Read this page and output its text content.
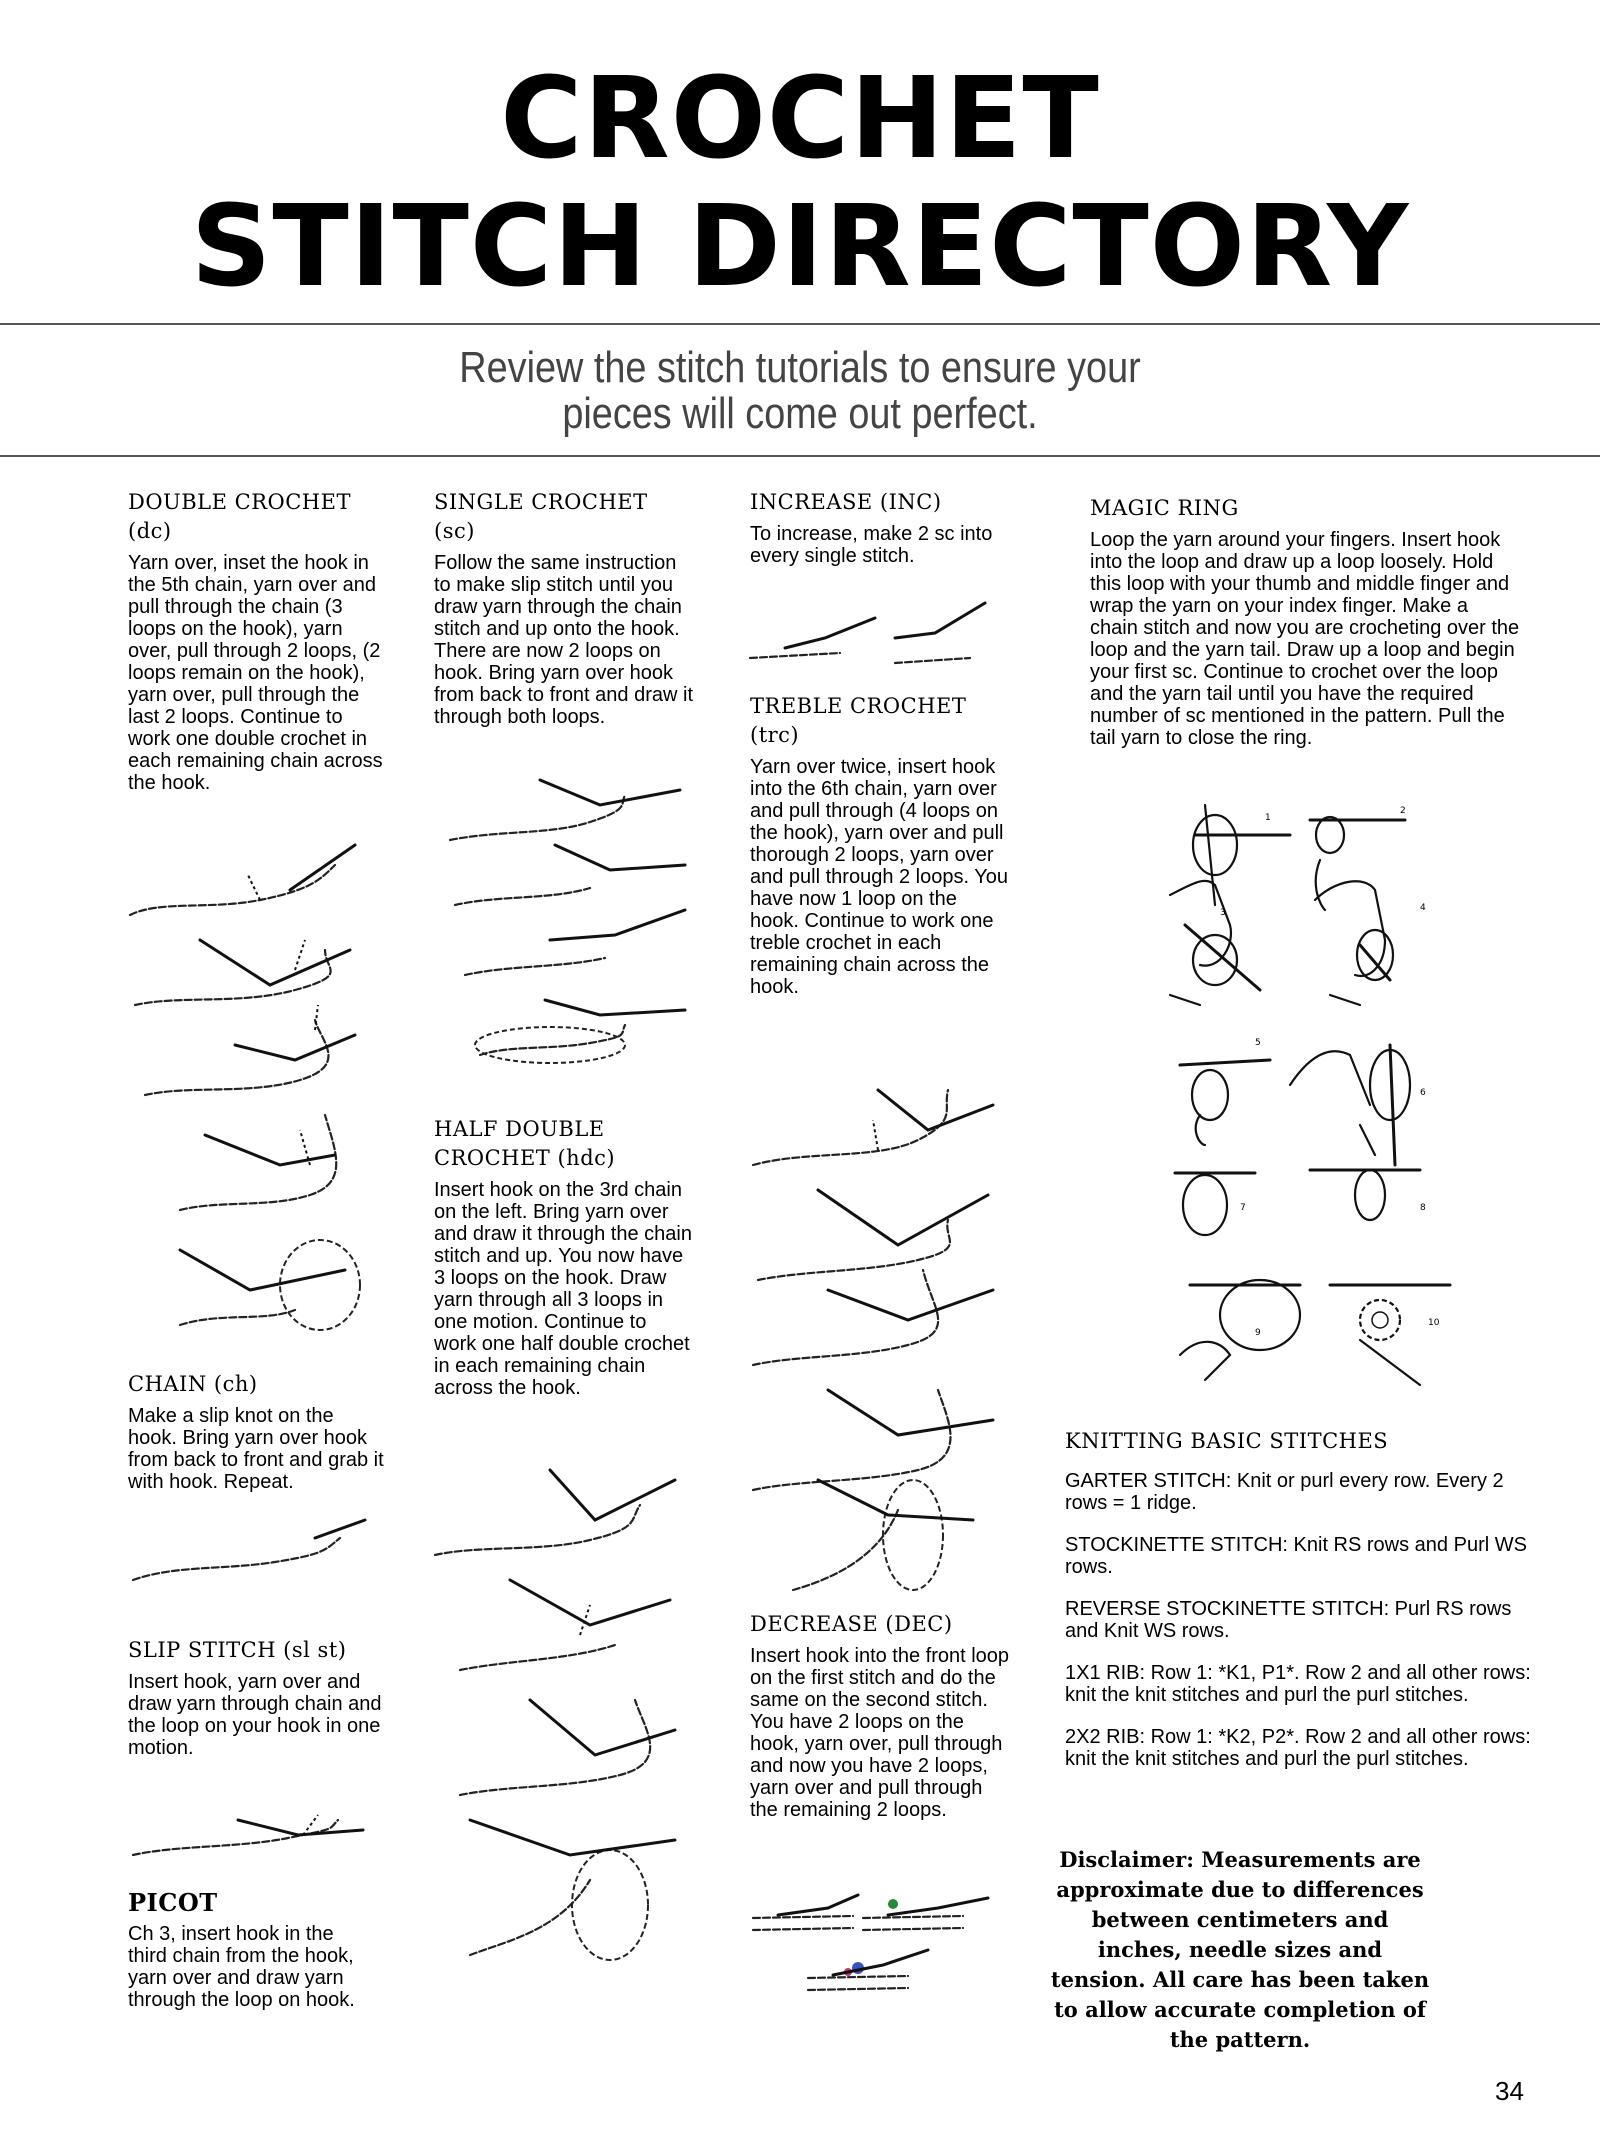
CROCHET
STITCH DIRECTORY
Review the stitch tutorials to ensure your
pieces will come out perfect.
DOUBLE CROCHET
(dc)
Yarn over, inset the hook in the 5th chain, yarn over and pull through the chain (3 loops on the hook), yarn over, pull through 2 loops, (2 loops remain on the hook), yarn over, pull through the last 2 loops. Continue to work one double crochet in each remaining chain across the hook.
CHAIN (ch)
Make a slip knot on the hook. Bring yarn over hook from back to front and grab it with hook. Repeat.
SLIP STITCH (sl st)
Insert hook, yarn over and draw yarn through chain and the loop on your hook in one motion.
PICOT
Ch 3, insert hook in the third chain from the hook, yarn over and draw yarn through the loop on hook.
SINGLE CROCHET
(sc)
Follow the same instruction to make slip stitch until you draw yarn through the chain stitch and up onto the hook. There are now 2 loops on hook. Bring yarn over hook from back to front and draw it through both loops.
HALF DOUBLE
CROCHET (hdc)
Insert hook on the 3rd chain on the left. Bring yarn over and draw it through the chain stitch and up. You now have 3 loops on the hook. Draw yarn through all 3 loops in one motion. Continue to work one half double crochet in each remaining chain across the hook.
INCREASE (INC)
To increase, make 2 sc into every single stitch.
TREBLE CROCHET
(trc)
Yarn over twice, insert hook into the 6th chain, yarn over and pull through (4 loops on the hook), yarn over and pull thorough 2 loops, yarn over and pull through 2 loops. You have now 1 loop on the hook. Continue to work one treble crochet in each remaining chain across the hook.
DECREASE (DEC)
Insert hook into the front loop on the first stitch and do the same on the second stitch. You have 2 loops on the hook, yarn over, pull through and now you have 2 loops, yarn over and pull through the remaining 2 loops.
MAGIC RING
Loop the yarn around your fingers. Insert hook into the loop and draw up a loop loosely. Hold this loop with your thumb and middle finger and wrap the yarn on your index finger. Make a chain stitch and now you are crocheting over the loop and the yarn tail. Draw up a loop and begin your first sc. Continue to crochet over the loop and the yarn tail until you have the required number of sc mentioned in the pattern. Pull the tail yarn to close the ring.
1
2
3	4
5
6
7	8
9
10
KNITTING BASIC STITCHES

GARTER STITCH: Knit or purl every row. Every 2 rows = 1 ridge.

STOCKINETTE STITCH: Knit RS rows and Purl WS rows.

REVERSE STOCKINETTE STITCH: Purl RS rows and Knit WS rows.

1X1 RIB: Row 1: *K1, P1*. Row 2 and all other rows: knit the knit stitches and purl the purl stitches.

2X2 RIB: Row 1: *K2, P2*. Row 2 and all other rows: knit the knit stitches and purl the purl stitches.

Disclaimer: Measurements are approximate due to differences between centimeters and inches, needle sizes and tension. All care has been taken to allow accurate completion of the pattern.
34
